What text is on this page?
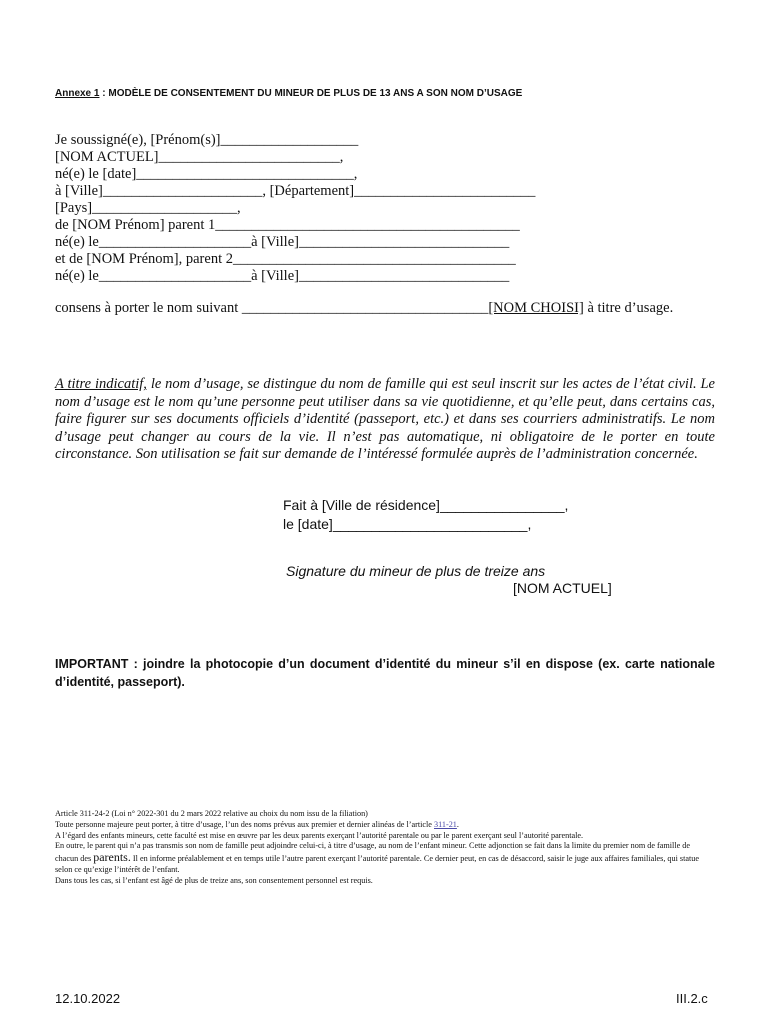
Annexe 1 : MODÈLE DE CONSENTEMENT DU MINEUR DE PLUS DE 13 ANS A SON NOM D’USAGE
Je soussigné(e), [Prénom(s)]___________________
[NOM ACTUEL]_________________________,
né(e) le [date]______________________________,
à [Ville]______________________, [Département]_________________________
[Pays]____________________,
de [NOM Prénom] parent 1__________________________________________
né(e) le_____________________à [Ville]_____________________________
et de [NOM Prénom], parent 2_______________________________________
né(e) le_____________________à [Ville]_____________________________
consens à porter le nom suivant __________________________________[NOM CHOISI] à titre d’usage.
A titre indicatif, le nom d’usage, se distingue du nom de famille qui est seul inscrit sur les actes de l’état civil. Le nom d’usage est le nom qu’une personne peut utiliser dans sa vie quotidienne, et qu’elle peut, dans certains cas, faire figurer sur ses documents officiels d’identité (passeport, etc.) et dans ses courriers administratifs. Le nom d’usage peut changer au cours de la vie. Il n’est pas automatique, ni obligatoire de le porter en toute circonstance. Son utilisation se fait sur demande de l’intéressé formulée auprès de l’administration concernée.
Fait à [Ville de résidence]________________,
le [date]_________________________,
Signature du mineur de plus de treize ans
[NOM ACTUEL]
IMPORTANT : joindre la photocopie d’un document d’identité du mineur s’il en dispose (ex. carte nationale d’identité, passeport).
Article 311-24-2 (Loi n° 2022-301 du 2 mars 2022 relative au choix du nom issu de la filiation)
Toute personne majeure peut porter, à titre d’usage, l’un des noms prévus aux premier et dernier alinéas de l’article 311-21.
A l’égard des enfants mineurs, cette faculté est mise en œuvre par les deux parents exerçant l’autorité parentale ou par le parent exerçant seul l’autorité parentale.
En outre, le parent qui n’a pas transmis son nom de famille peut adjoindre celui-ci, à titre d’usage, au nom de l’enfant mineur. Cette adjonction se fait dans la limite du premier nom de famille de chacun des parents. Il en informe préalablement et en temps utile l’autre parent exerçant l’autorité parentale. Ce dernier peut, en cas de désaccord, saisir le juge aux affaires familiales, qui statue selon ce qu’exige l’intérêt de l’enfant.
Dans tous les cas, si l’enfant est âgé de plus de treize ans, son consentement personnel est requis.
12.10.2022	III.2.c
